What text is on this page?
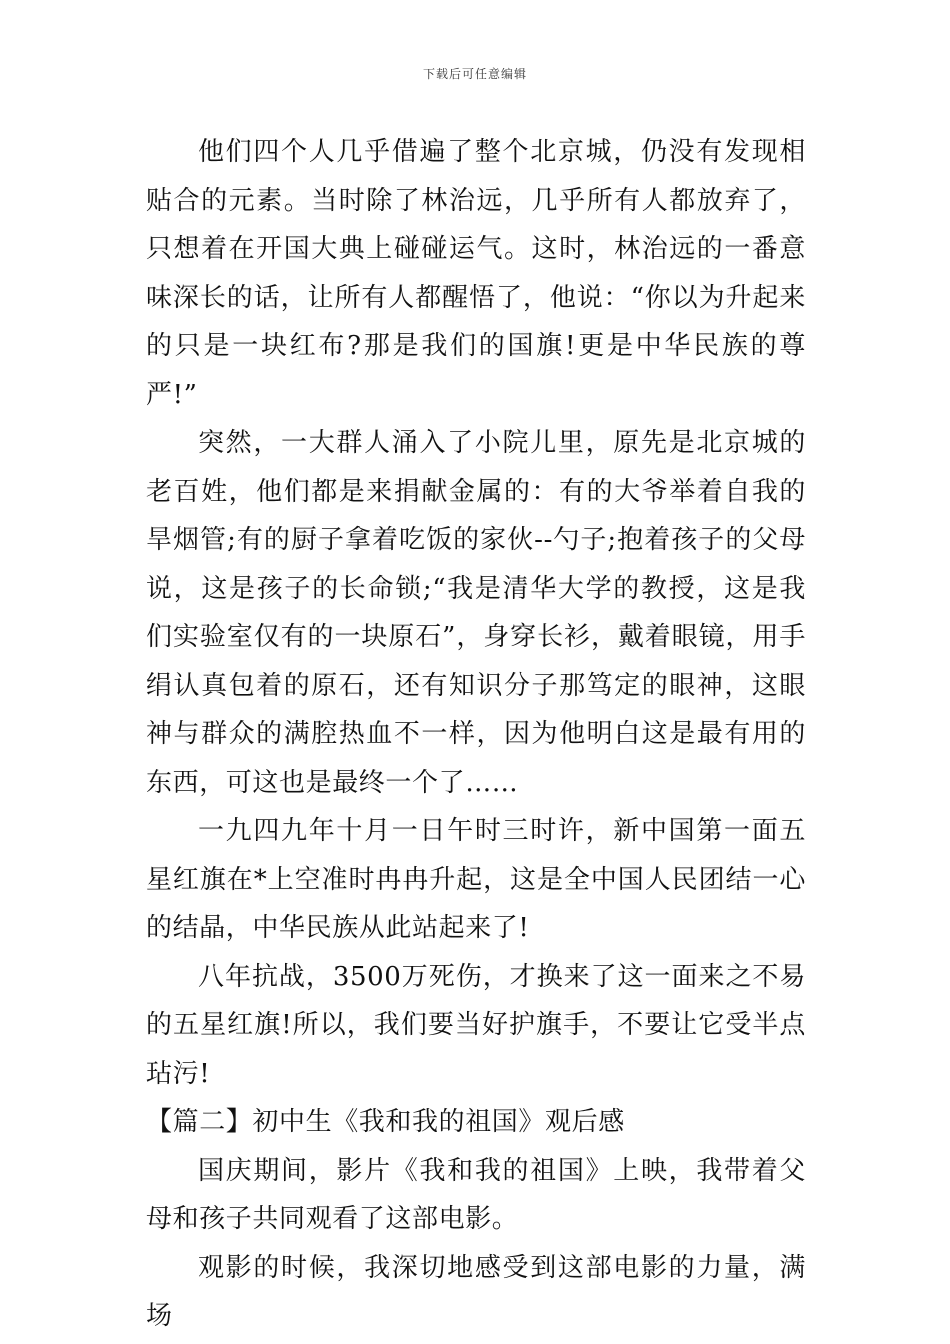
下载后可任意编辑

他们四个人几乎借遍了整个北京城，仍没有发现相贴合的元素。当时除了林治远，几乎所有人都放弃了，只想着在开国大典上碰碰运气。这时，林治远的一番意味深长的话，让所有人都醒悟了，他说：“你以为升起来的只是一块红布?那是我们的国旗!更是中华民族的尊严!”

突然，一大群人涌入了小院儿里，原先是北京城的老百姓，他们都是来捐献金属的：有的大爷举着自我的旱烟管;有的厨子拿着吃饭的家伙--勺子;抱着孩子的父母说，这是孩子的长命锁;“我是清华大学的教授，这是我们实验室仅有的一块原石”，身穿长衫，戴着眼镜，用手绢认真包着的原石，还有知识分子那笃定的眼神，这眼神与群众的满腔热血不一样，因为他明白这是最有用的东西，可这也是最终一个了……

一九四九年十月一日午时三时许，新中国第一面五星红旗在*上空准时冉冉升起，这是全中国人民团结一心的结晶，中华民族从此站起来了!

八年抗战，3500万死伤，才换来了这一面来之不易的五星红旗!所以，我们要当好护旗手，不要让它受半点玷污!

【篇二】初中生《我和我的祖国》观后感

国庆期间，影片《我和我的祖国》上映，我带着父母和孩子共同观看了这部电影。

观影的时候，我深切地感受到这部电影的力量，满场
